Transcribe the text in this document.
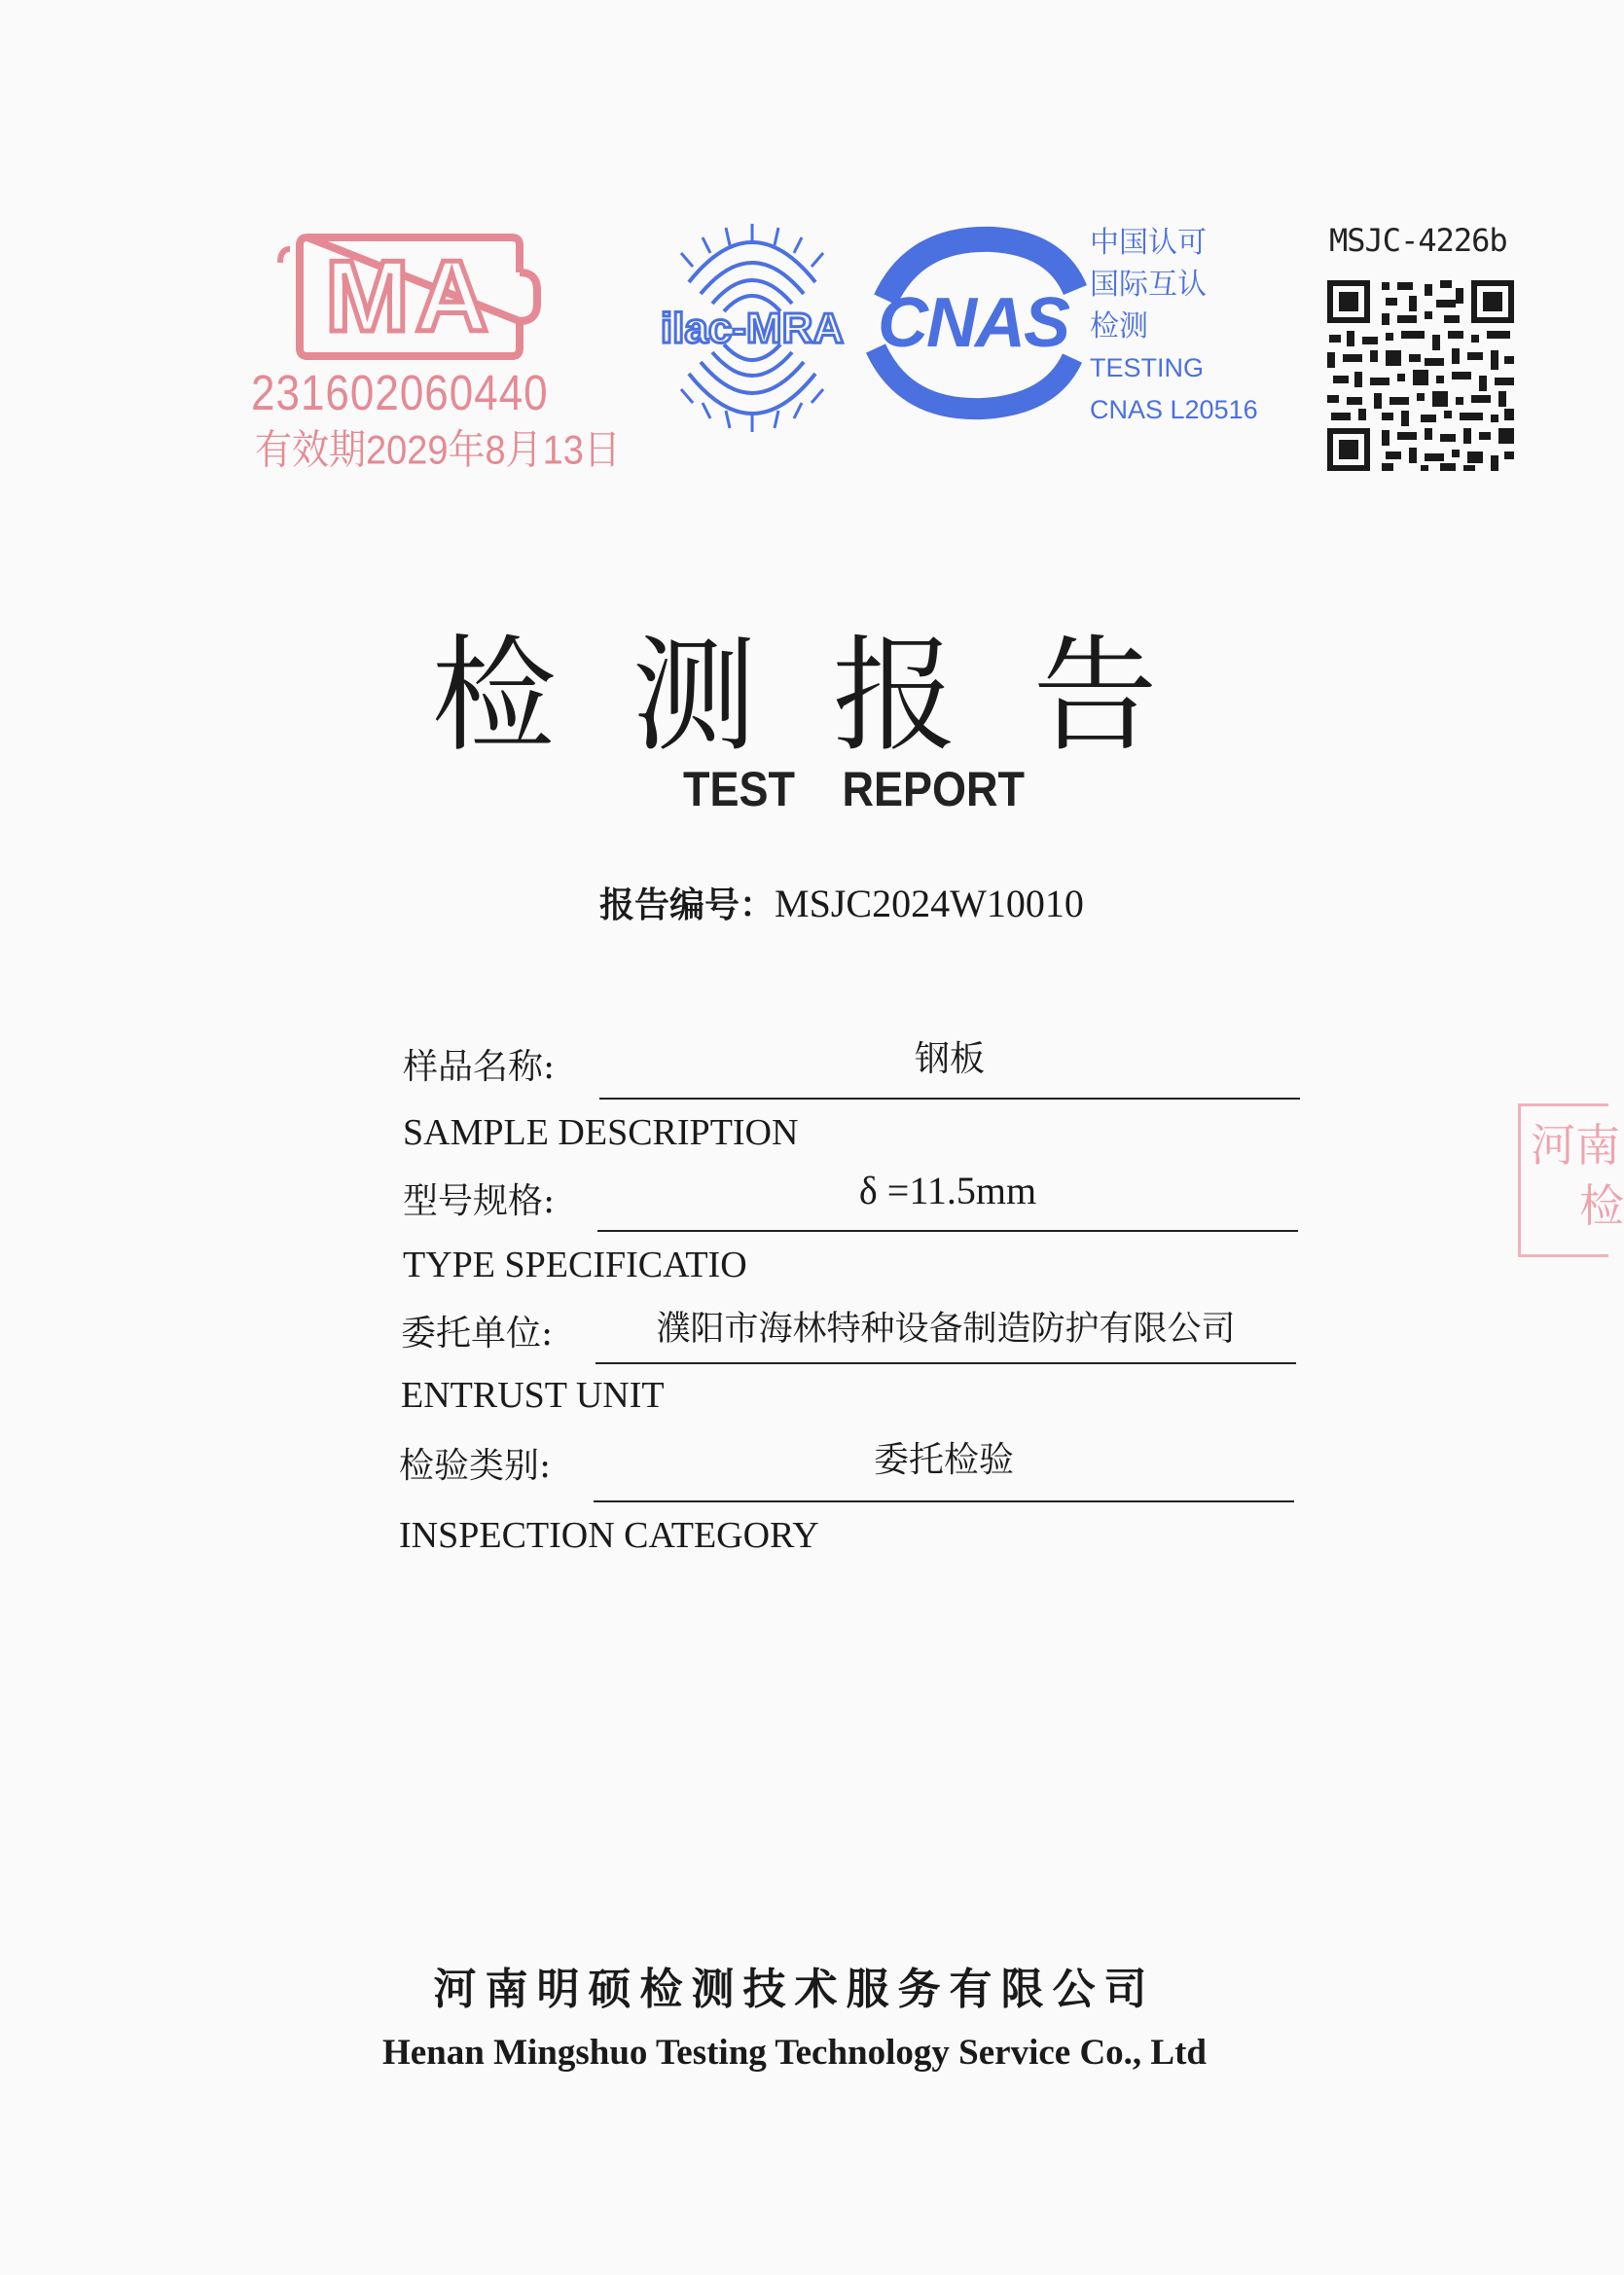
MA
231602060440
有效期2029年8月13日
ilac-MRA CNAS
中国认可
国际互认
检测
TESTING
CNAS L20516
MSJC-4226b
河南
检
检测报告
TEST REPORT
报告编号：MSJC2024W10010
样品名称:	钢板
SAMPLE DESCRIPTION
型号规格:	δ =11.5mm
TYPE SPECIFICATIO
委托单位:	濮阳市海林特种设备制造防护有限公司
ENTRUST UNIT
检验类别:	委托检验
INSPECTION CATEGORY
河南明硕检测技术服务有限公司
Henan Mingshuo Testing Technology Service Co., Ltd
